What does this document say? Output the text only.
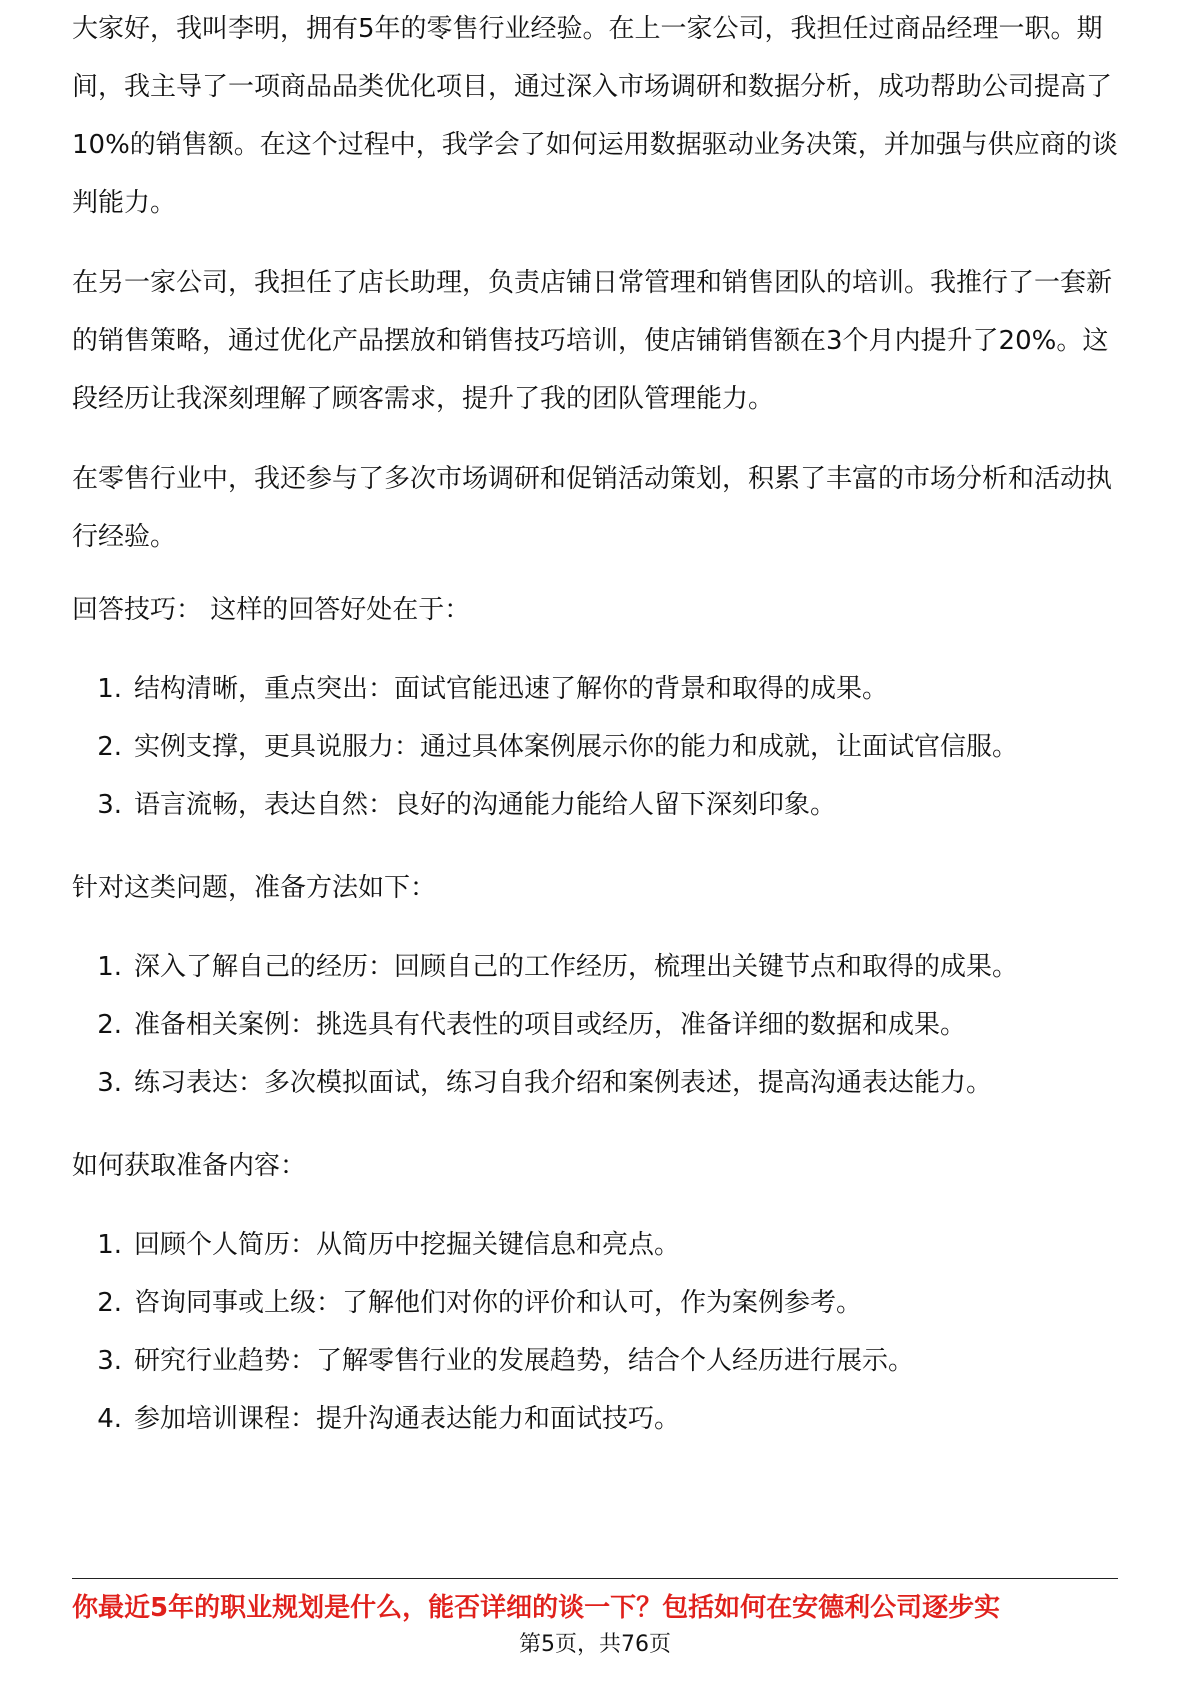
大家好，我叫李明，拥有5年的零售行业经验。在上一家公司，我担任过商品经理一职。期间，我主导了一项商品品类优化项目，通过深入市场调研和数据分析，成功帮助公司提高了10%的销售额。在这个过程中，我学会了如何运用数据驱动业务决策，并加强与供应商的谈判能力。

在另一家公司，我担任了店长助理，负责店铺日常管理和销售团队的培训。我推行了一套新的销售策略，通过优化产品摆放和销售技巧培训，使店铺销售额在3个月内提升了20%。这段经历让我深刻理解了顾客需求，提升了我的团队管理能力。

在零售行业中，我还参与了多次市场调研和促销活动策划，积累了丰富的市场分析和活动执行经验。

回答技巧： 这样的回答好处在于：
1. 结构清晰，重点突出：面试官能迅速了解你的背景和取得的成果。
2. 实例支撑，更具说服力：通过具体案例展示你的能力和成就，让面试官信服。
3. 语言流畅，表达自然：良好的沟通能力能给人留下深刻印象。
针对这类问题，准备方法如下：
1. 深入了解自己的经历：回顾自己的工作经历，梳理出关键节点和取得的成果。
2. 准备相关案例：挑选具有代表性的项目或经历，准备详细的数据和成果。
3. 练习表达：多次模拟面试，练习自我介绍和案例表述，提高沟通表达能力。
如何获取准备内容：
1. 回顾个人简历：从简历中挖掘关键信息和亮点。
2. 咨询同事或上级：了解他们对你的评价和认可，作为案例参考。
3. 研究行业趋势：了解零售行业的发展趋势，结合个人经历进行展示。
4. 参加培训课程：提升沟通表达能力和面试技巧。
你最近5年的职业规划是什么，能否详细的谈一下？包括如何在安德利公司逐步实
第5页，共76页
